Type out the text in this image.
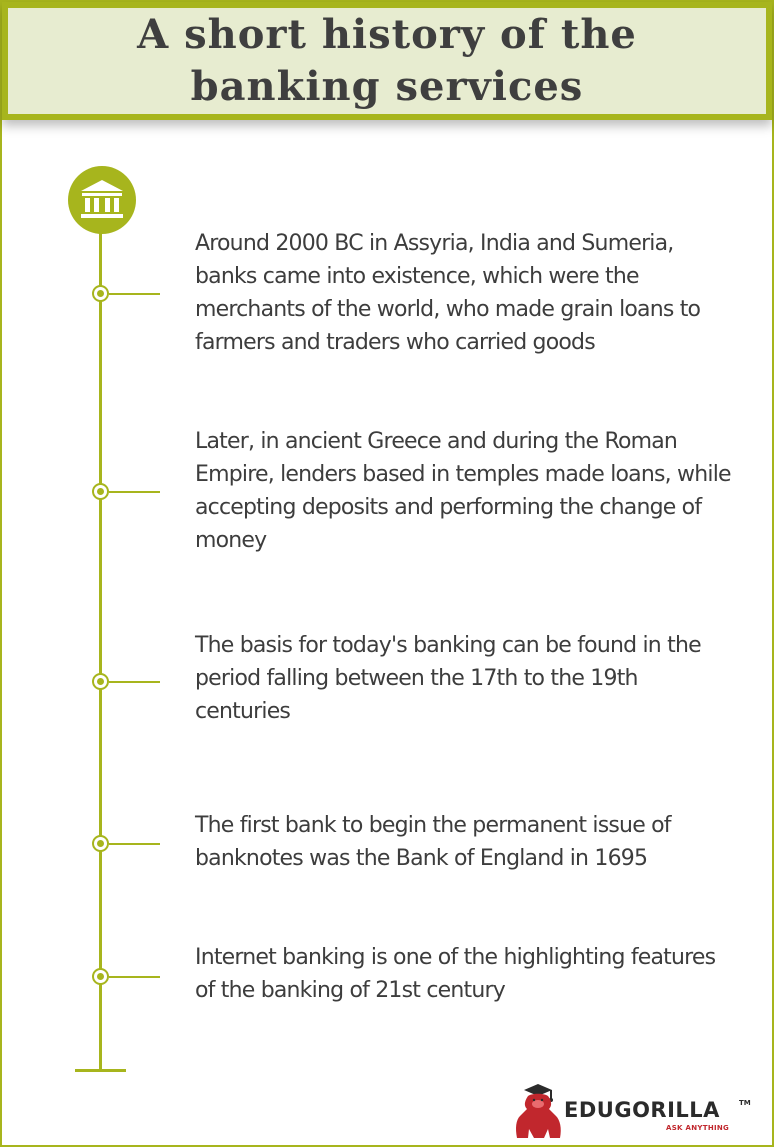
A short history of the banking services

Around 2000 BC in Assyria, India and Sumeria, banks came into existence, which were the merchants of the world, who made grain loans to farmers and traders who carried goods

Later, in ancient Greece and during the Roman Empire, lenders based in temples made loans, while accepting deposits and performing the change of money

The basis for today's banking can be found in the period falling between the 17th to the 19th centuries

The first bank to begin the permanent issue of banknotes was the Bank of England in 1695

Internet banking is one of the highlighting features of the banking of 21st century

EDUGORILLA	TM

ASK ANYTHING
